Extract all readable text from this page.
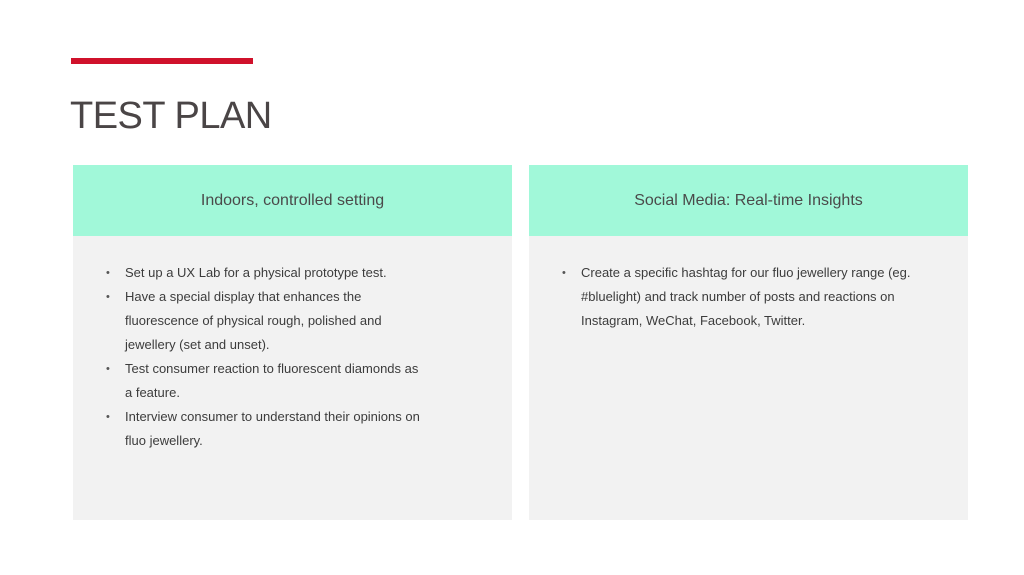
TEST PLAN
Indoors, controlled setting
• Set up a UX Lab for a physical prototype test.
• Have a special display that enhances the fluorescence of physical rough, polished and jewellery (set and unset).
• Test consumer reaction to fluorescent diamonds as a feature.
• Interview consumer to understand their opinions on fluo jewellery.
Social Media: Real-time Insights
• Create a specific hashtag for our fluo jewellery range (eg. #bluelight) and track number of posts and reactions on Instagram, WeChat, Facebook, Twitter.
